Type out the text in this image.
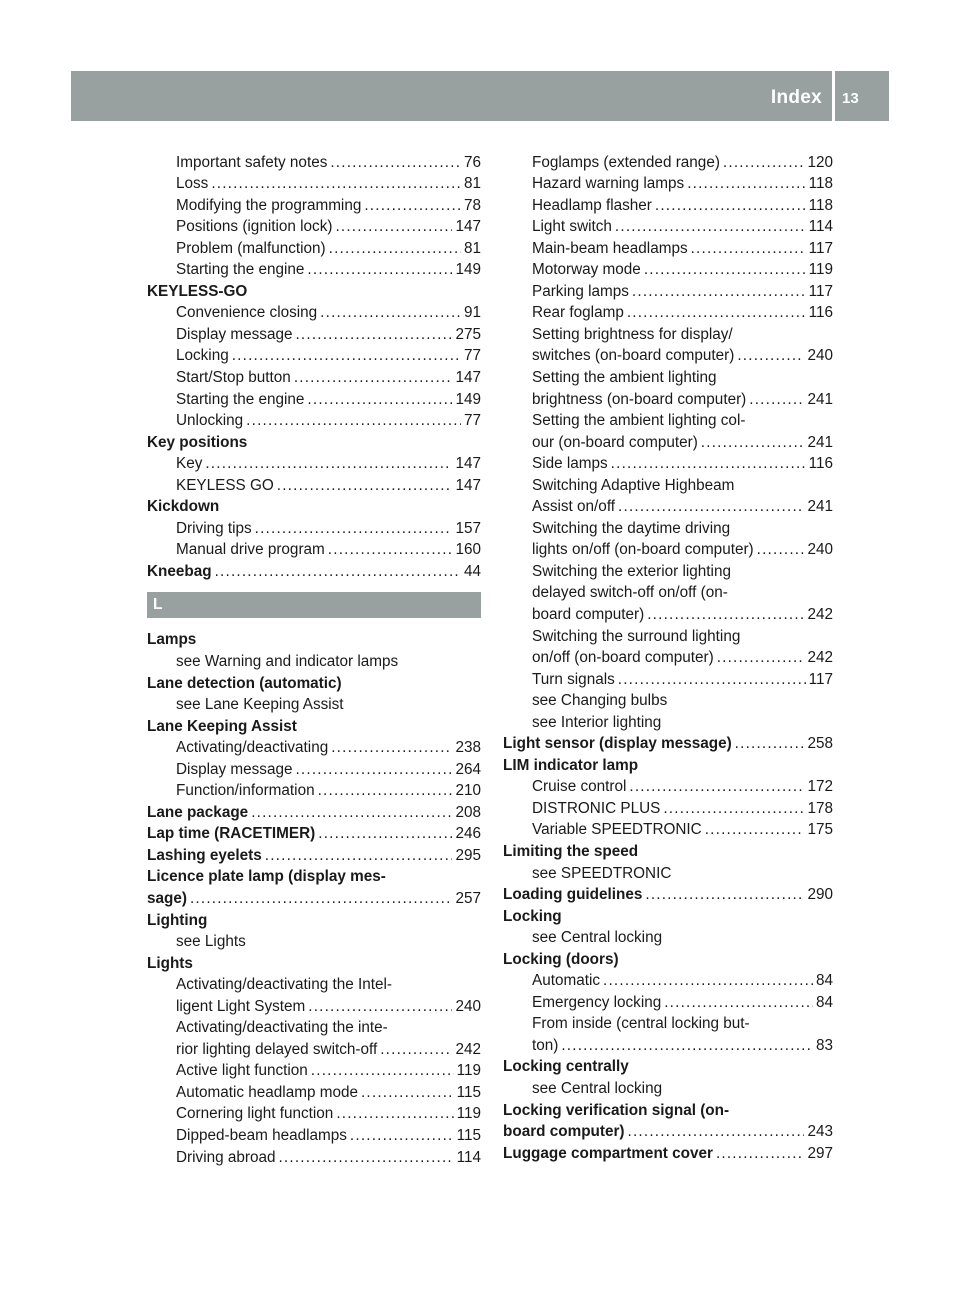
Index 13
Important safety notes .....	76
Loss .....	81
Modifying the programming .....	78
Positions (ignition lock) .....	147
Problem (malfunction) .....	81
Starting the engine .....	149
KEYLESS-GO
Convenience closing .....	91
Display message .....	275
Locking .....	77
Start/Stop button .....	147
Starting the engine .....	149
Unlocking .....	77
Key positions
Key .....	147
KEYLESS GO .....	147
Kickdown
Driving tips .....	157
Manual drive program .....	160
Kneebag .....	44
L
Lamps
see Warning and indicator lamps
Lane detection (automatic)
see Lane Keeping Assist
Lane Keeping Assist
Activating/deactivating .....	238
Display message .....	264
Function/information .....	210
Lane package .....	208
Lap time (RACETIMER) .....	246
Lashing eyelets .....	295
Licence plate lamp (display mes-
sage) .....	257
Lighting
see Lights
Lights
Activating/deactivating the Intel-
ligent Light System .....	240
Activating/deactivating the inte-
rior lighting delayed switch-off .....	242
Active light function .....	119
Automatic headlamp mode .....	115
Cornering light function .....	119
Dipped-beam headlamps .....	115
Driving abroad .....	114
Foglamps (extended range) .....	120
Hazard warning lamps .....	118
Headlamp flasher .....	118
Light switch .....	114
Main-beam headlamps .....	117
Motorway mode .....	119
Parking lamps .....	117
Rear foglamp .....	116
Setting brightness for display/
switches (on-board computer) .....	240
Setting the ambient lighting
brightness (on-board computer) .....	241
Setting the ambient lighting col-
our (on-board computer) .....	241
Side lamps .....	116
Switching Adaptive Highbeam
Assist on/off .....	241
Switching the daytime driving
lights on/off (on-board computer) .....	240
Switching the exterior lighting
delayed switch-off on/off (on-
board computer) .....	242
Switching the surround lighting
on/off (on-board computer) .....	242
Turn signals .....	117
see Changing bulbs
see Interior lighting
Light sensor (display message) .....	258
LIM indicator lamp
Cruise control .....	172
DISTRONIC PLUS .....	178
Variable SPEEDTRONIC .....	175
Limiting the speed
see SPEEDTRONIC
Loading guidelines .....	290
Locking
see Central locking
Locking (doors)
Automatic .....	84
Emergency locking .....	84
From inside (central locking but-
ton) .....	83
Locking centrally
see Central locking
Locking verification signal (on-
board computer) .....	243
Luggage compartment cover .....	297
